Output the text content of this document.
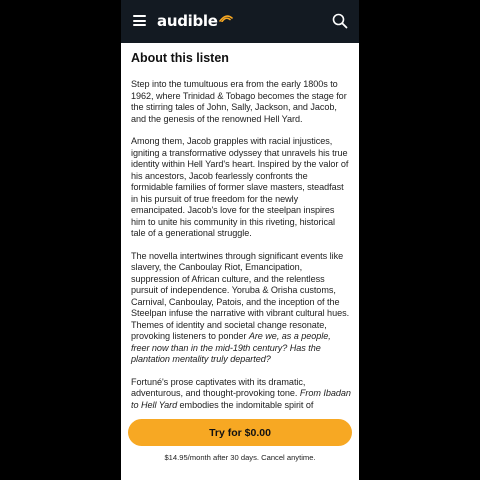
audible
About this listen

Step into the tumultuous era from the early 1800s to 1962, where Trinidad & Tobago becomes the stage for the stirring tales of John, Sally, Jackson, and Jacob, and the genesis of the renowned Hell Yard.

Among them, Jacob grapples with racial injustices, igniting a transformative odyssey that unravels his true identity within Hell Yard's heart. Inspired by the valor of his ancestors, Jacob fearlessly confronts the formidable families of former slave masters, steadfast in his pursuit of true freedom for the newly emancipated. Jacob's love for the steelpan inspires him to unite his community in this riveting, historical tale of a generational struggle.

The novella intertwines through significant events like slavery, the Canboulay Riot, Emancipation, suppression of African culture, and the relentless pursuit of independence. Yoruba & Orisha customs, Carnival, Canboulay, Patois, and the inception of the Steelpan infuse the narrative with vibrant cultural hues. Themes of identity and societal change resonate, provoking listeners to ponder Are we, as a people, freer now than in the mid-19th century? Has the plantation mentality truly departed?

Fortuné's prose captivates with its dramatic, adventurous, and thought-provoking tone. From Ibadan to Hell Yard embodies the indomitable spirit of

Try for $0.00
$14.95/month after 30 days. Cancel anytime.
